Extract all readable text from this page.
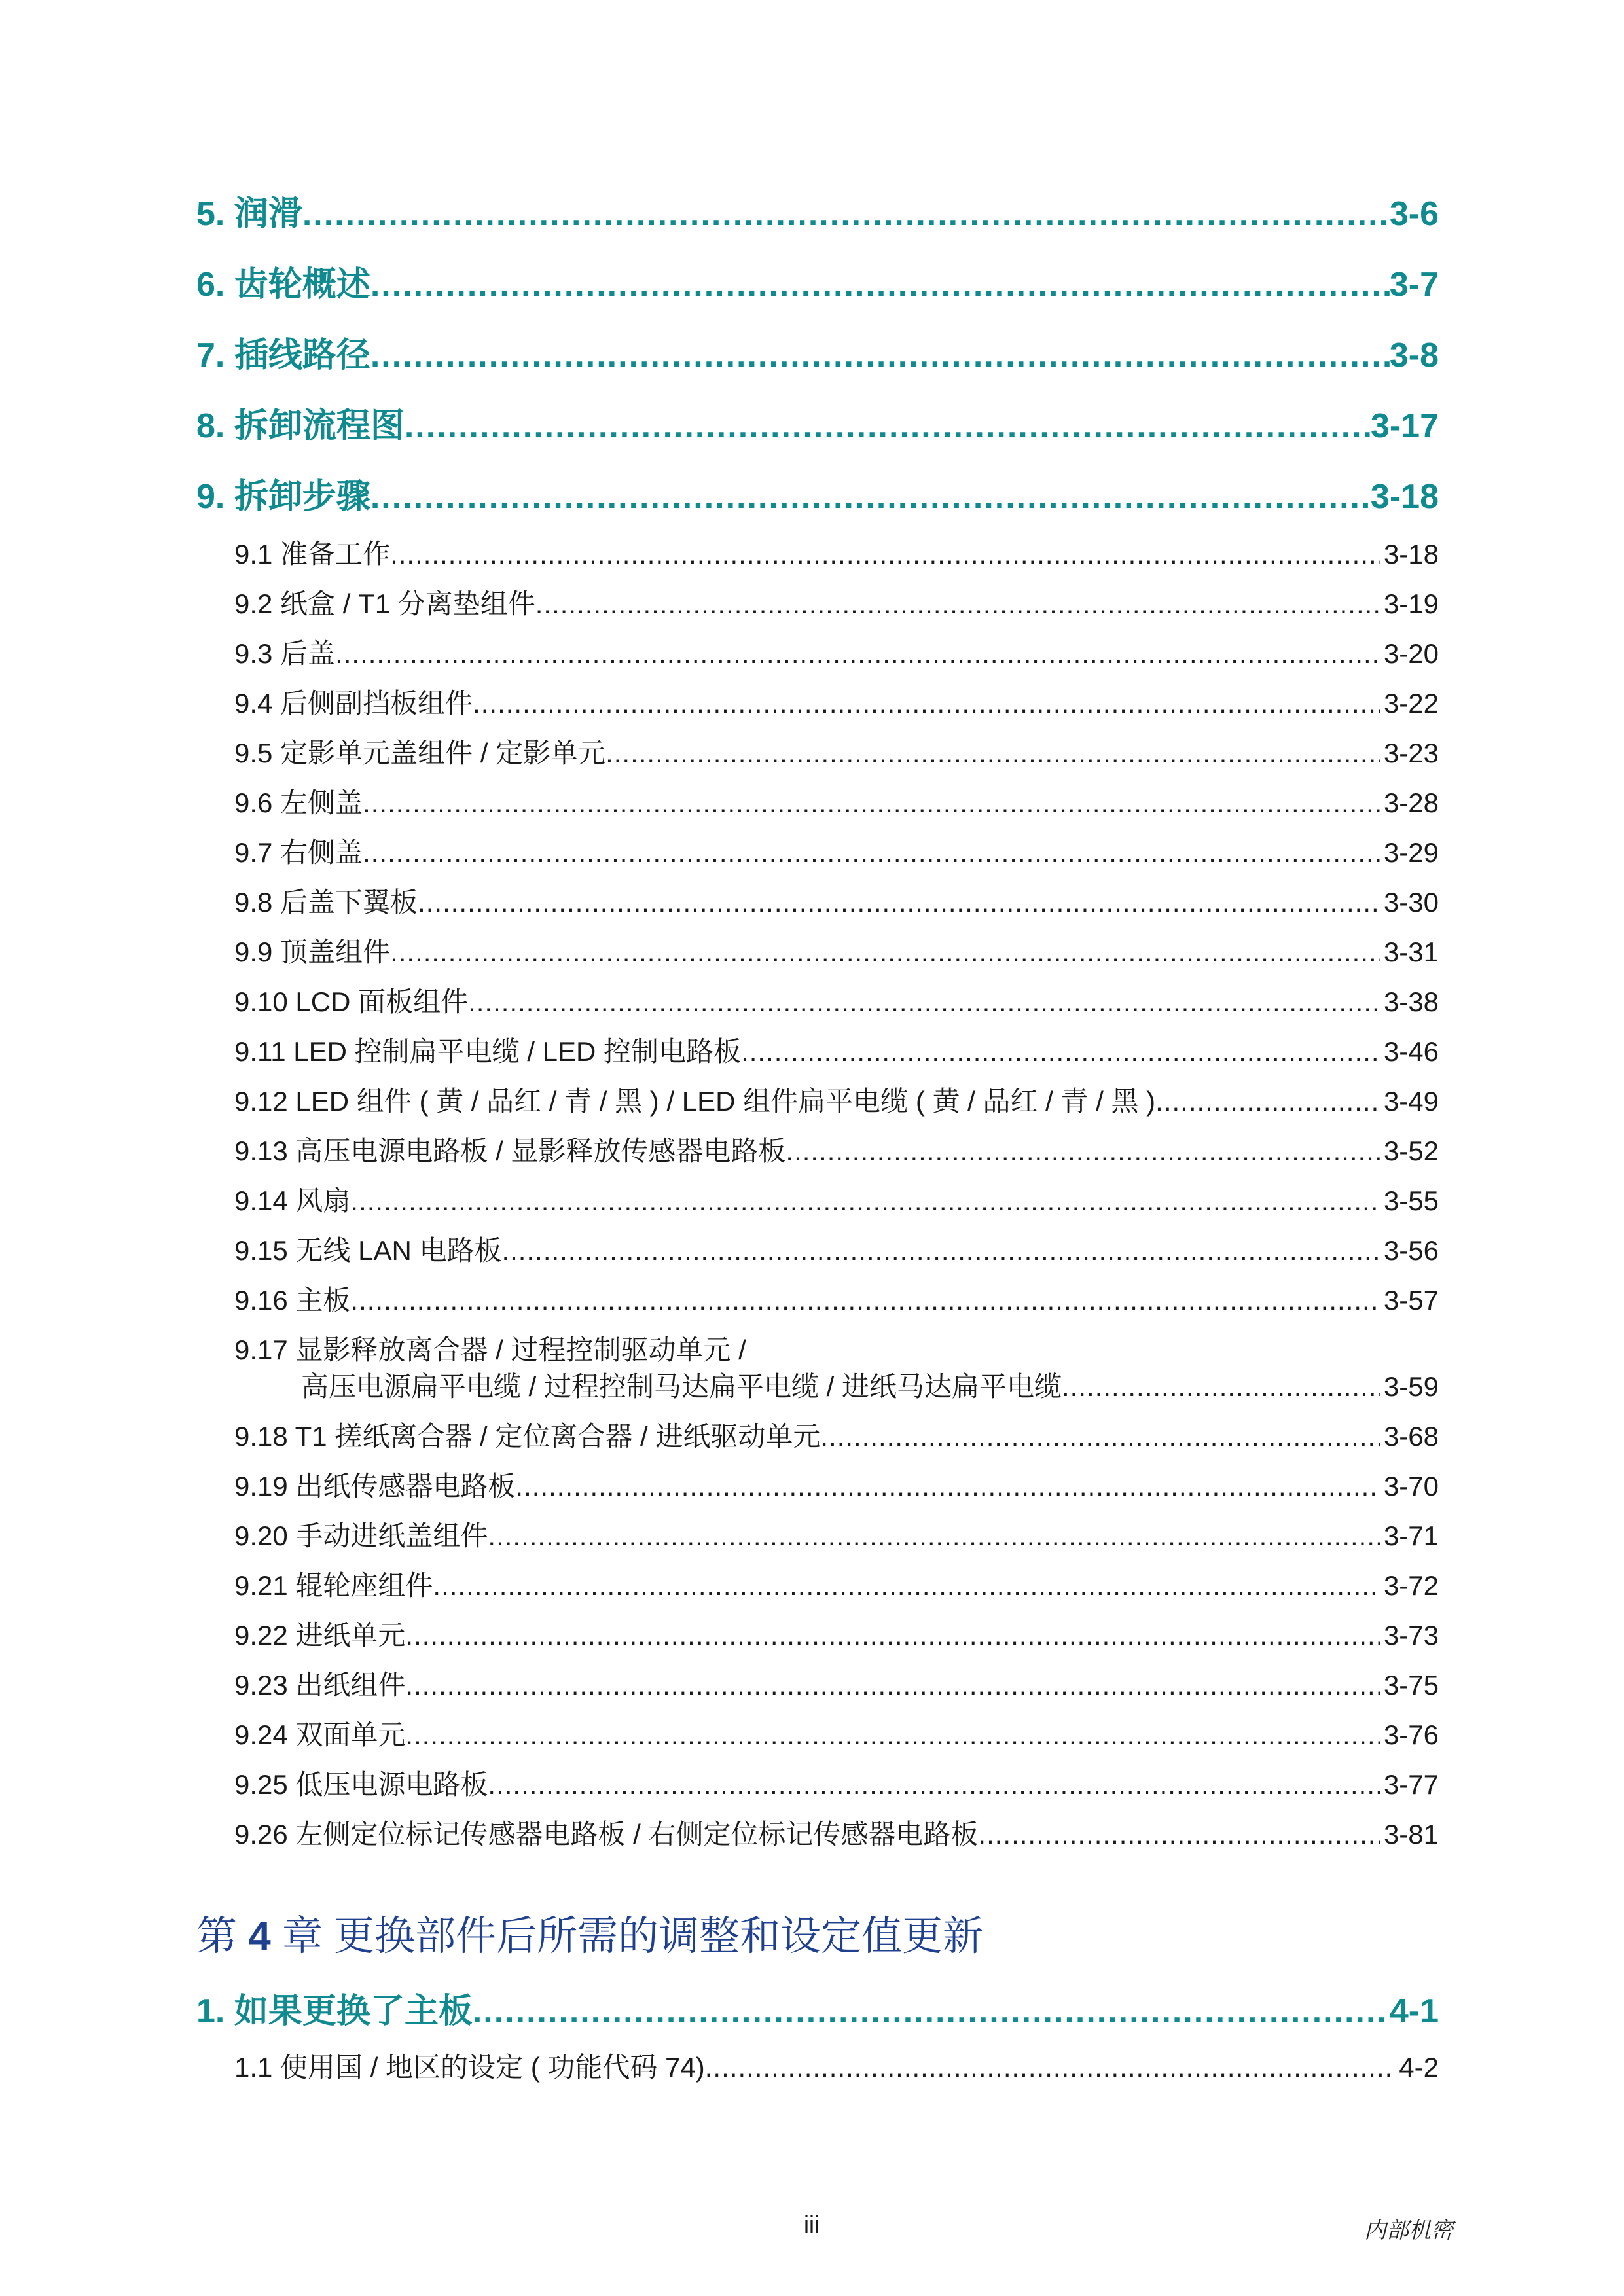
5. 润滑 .....	3-6
6. 齿轮概述 .....	3-7
7. 插线路径 .....	3-8
8. 拆卸流程图 .....	3-17
9. 拆卸步骤 .....	3-18
9.1 准备工作 .....	3-18
9.2 纸盒 / T1 分离垫组件 .....	3-19
9.3 后盖 .....	3-20
9.4 后侧副挡板组件 .....	3-22
9.5 定影单元盖组件 / 定影单元 .....	3-23
9.6 左侧盖 .....	3-28
9.7 右侧盖 .....	3-29
9.8 后盖下翼板 .....	3-30
9.9 顶盖组件 .....	3-31
9.10 LCD 面板组件 .....	3-38
9.11 LED 控制扁平电缆 / LED 控制电路板 .....	3-46
9.12 LED 组件 ( 黄 / 品红 / 青 / 黑 ) / LED 组件扁平电缆 ( 黄 / 品红 / 青 / 黑 ) .....	3-49
9.13 高压电源电路板 / 显影释放传感器电路板 .....	3-52
9.14 风扇 .....	3-55
9.15 无线 LAN 电路板 .....	3-56
9.16 主板 .....	3-57
9.17 显影释放离合器 / 过程控制驱动单元 /
高压电源扁平电缆 / 过程控制马达扁平电缆 / 进纸马达扁平电缆 .....	3-59
9.18 T1 搓纸离合器 / 定位离合器 / 进纸驱动单元 .....	3-68
9.19 出纸传感器电路板 .....	3-70
9.20 手动进纸盖组件 .....	3-71
9.21 辊轮座组件 .....	3-72
9.22 进纸单元 .....	3-73
9.23 出纸组件 .....	3-75
9.24 双面单元 .....	3-76
9.25 低压电源电路板 .....	3-77
9.26 左侧定位标记传感器电路板 / 右侧定位标记传感器电路板 .....	3-81
第 4 章 更换部件后所需的调整和设定值更新
1. 如果更换了主板 .....	4-1
1.1 使用国 / 地区的设定 ( 功能代码 74) .....	4-2
iii	内部机密
